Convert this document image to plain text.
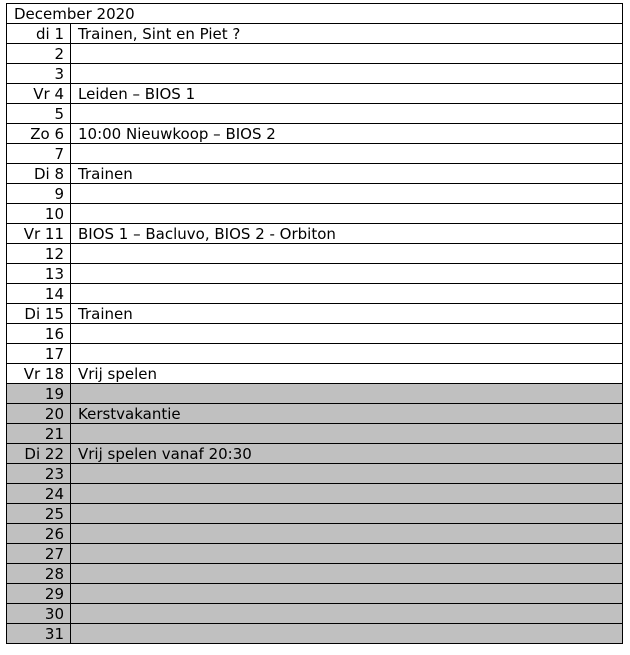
December 2020	
di 1	Trainen, Sint en Piet ?
2	
3	
Vr 4	Leiden – BIOS 1
5	
Zo 6	10:00 Nieuwkoop – BIOS 2
7	
Di 8	Trainen
9	
10	
Vr 11	BIOS 1 – Bacluvo, BIOS 2 - Orbiton
12	
13	
14	
Di 15	Trainen
16	
17	
Vr 18	Vrij spelen
19	
20	Kerstvakantie
21	
Di 22	Vrij spelen vanaf 20:30
23	
24	
25	
26	
27	
28	
29	
30	
31	
